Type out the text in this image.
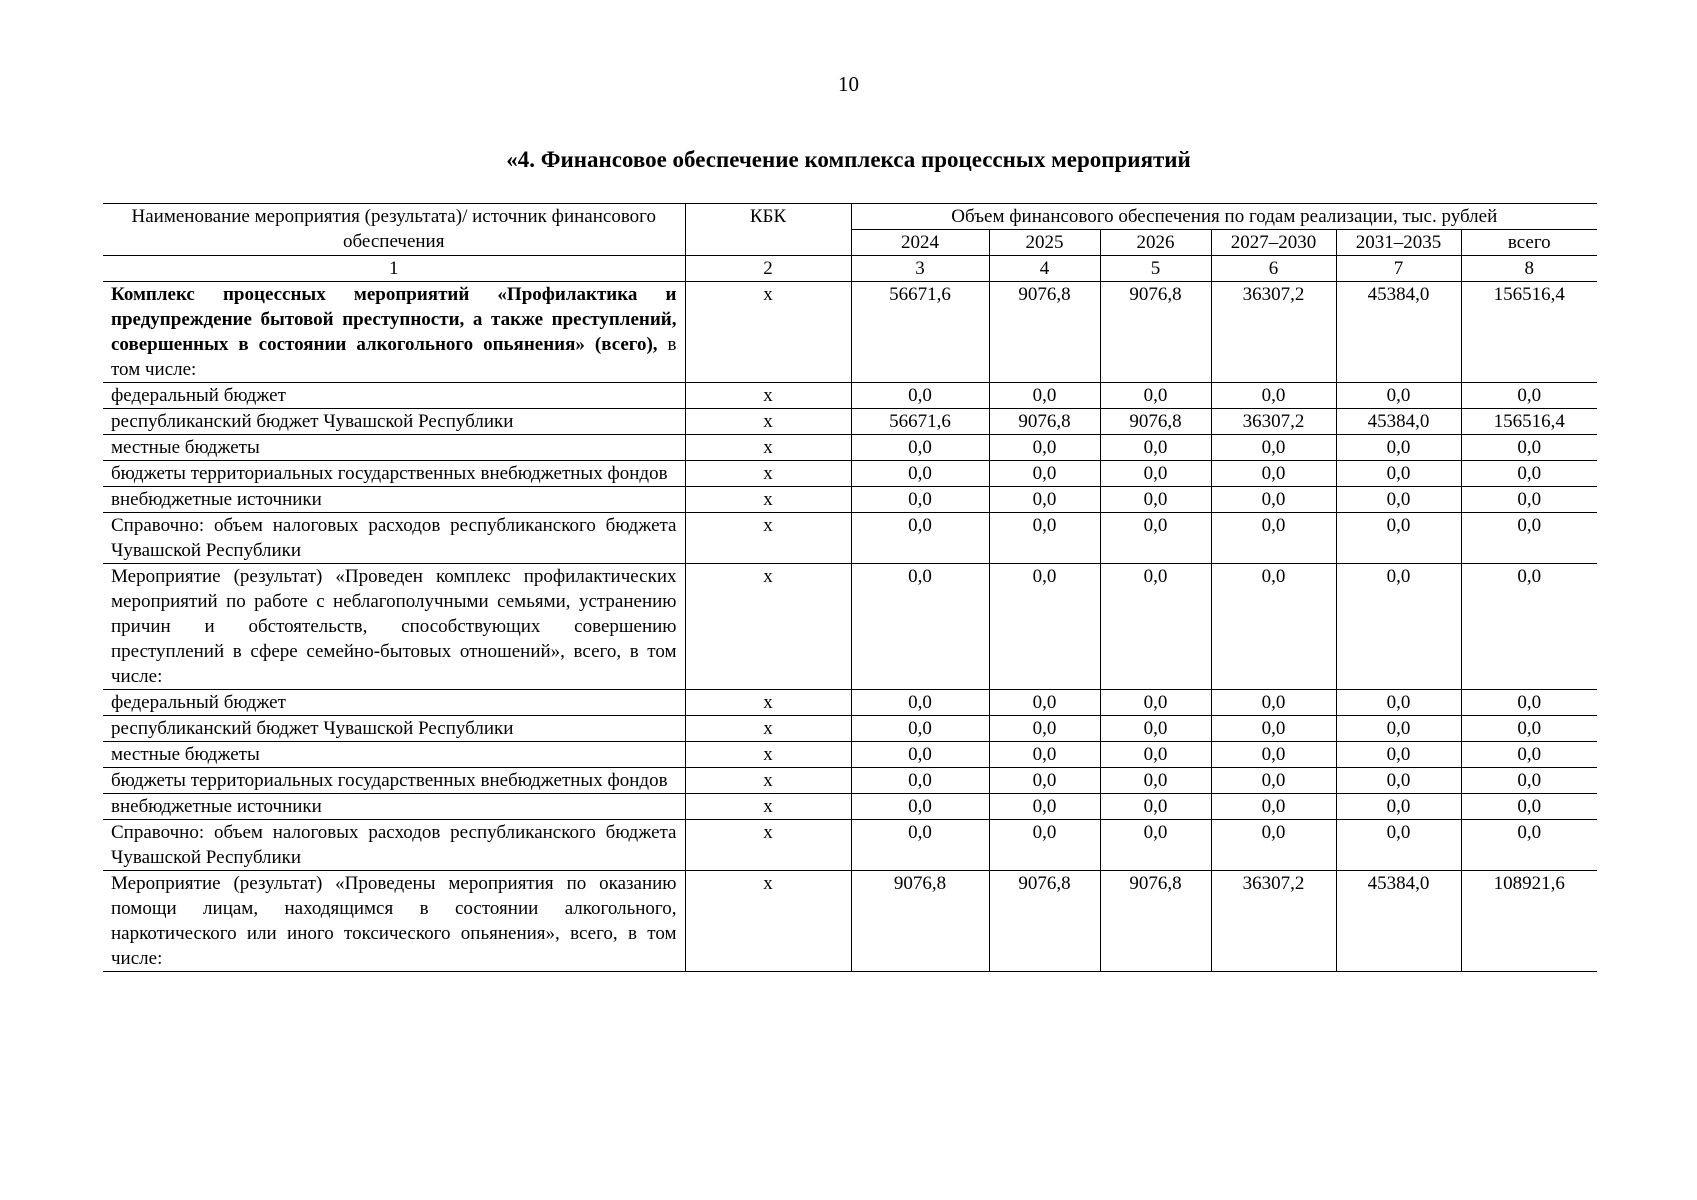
10
«4. Финансовое обеспечение комплекса процессных мероприятий
Наименование мероприятия (результата)/ источник финансового обеспечения	КБК	Объем финансового обеспечения по годам реализации, тыс. рублей					
		2024	2025	2026	2027–2030	2031–2035	всего
1	2	3	4	5	6	7	8
Комплекс процессных мероприятий «Профилактика и предупреждение бытовой преступности, а также преступлений, совершенных в состоянии алкогольного опьянения» (всего), в том числе:	x	56671,6	9076,8	9076,8	36307,2	45384,0	156516,4
федеральный бюджет	x	0,0	0,0	0,0	0,0	0,0	0,0
республиканский бюджет Чувашской Республики	x	56671,6	9076,8	9076,8	36307,2	45384,0	156516,4
местные бюджеты	x	0,0	0,0	0,0	0,0	0,0	0,0
бюджеты территориальных государственных внебюджетных фондов	x	0,0	0,0	0,0	0,0	0,0	0,0
внебюджетные источники	x	0,0	0,0	0,0	0,0	0,0	0,0
Справочно: объем налоговых расходов республиканского бюджета Чувашской Республики	x	0,0	0,0	0,0	0,0	0,0	0,0
Мероприятие (результат) «Проведен комплекс профилактических мероприятий по работе с неблагополучными семьями, устранению причин и обстоятельств, способствующих совершению преступлений в сфере семейно-бытовых отношений», всего, в том числе:	x	0,0	0,0	0,0	0,0	0,0	0,0
федеральный бюджет	x	0,0	0,0	0,0	0,0	0,0	0,0
республиканский бюджет Чувашской Республики	x	0,0	0,0	0,0	0,0	0,0	0,0
местные бюджеты	x	0,0	0,0	0,0	0,0	0,0	0,0
бюджеты территориальных государственных внебюджетных фондов	x	0,0	0,0	0,0	0,0	0,0	0,0
внебюджетные источники	x	0,0	0,0	0,0	0,0	0,0	0,0
Справочно: объем налоговых расходов республиканского бюджета Чувашской Республики	x	0,0	0,0	0,0	0,0	0,0	0,0
Мероприятие (результат) «Проведены мероприятия по оказанию помощи лицам, находящимся в состоянии алкогольного, наркотического или иного токсического опьянения», всего, в том числе:	x	9076,8	9076,8	9076,8	36307,2	45384,0	108921,6
